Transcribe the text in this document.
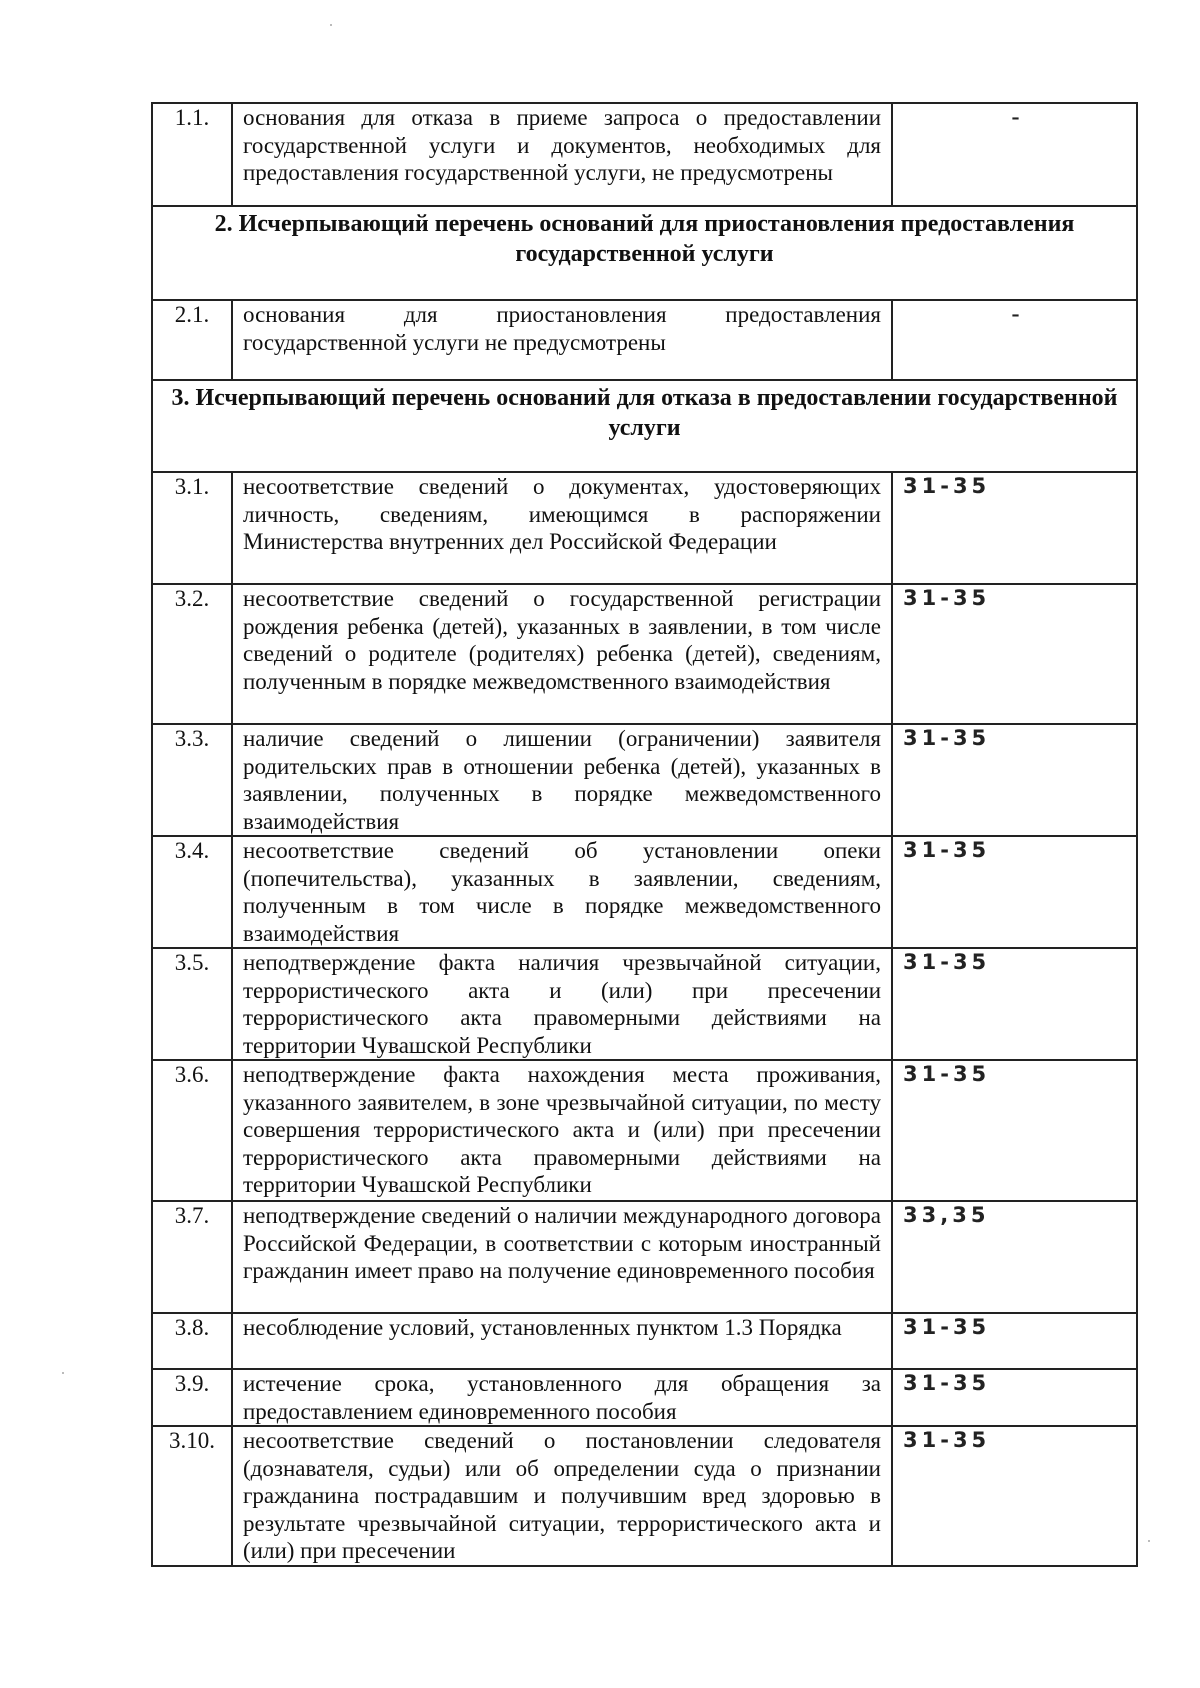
1.1.	основания для отказа в приеме запроса о предоставлении государственной услуги и документов, необходимых для предоставления государственной услуги, не предусмотрены	-
2. Исчерпывающий перечень оснований для приостановления предоставления государственной услуги		
2.1.	основания для приостановления предоставления государственной услуги не предусмотрены	-
3. Исчерпывающий перечень оснований для отказа в предоставлении государственной услуги		
3.1.	несоответствие сведений о документах, удостоверяющих личность, сведениям, имеющимся в распоряжении Министерства внутренних дел Российской Федерации	31-35
3.2.	несоответствие сведений о государственной регистрации рождения ребенка (детей), указанных в заявлении, в том числе сведений о родителе (родителях) ребенка (детей), сведениям, полученным в порядке межведомственного взаимодействия	31-35
3.3.	наличие сведений о лишении (ограничении) заявителя родительских прав в отношении ребенка (детей), указанных в заявлении, полученных в порядке межведомственного взаимодействия	31-35
3.4.	несоответствие сведений об установлении опеки (попечительства), указанных в заявлении, сведениям, полученным в том числе в порядке межведомственного взаимодействия	31-35
3.5.	неподтверждение факта наличия чрезвычайной ситуации, террористического акта и (или) при пресечении террористического акта правомерными действиями на территории Чувашской Республики	31-35
3.6.	неподтверждение факта нахождения места проживания, указанного заявителем, в зоне чрезвычайной ситуации, по месту совершения террористического акта и (или) при пресечении террористического акта правомерными действиями на территории Чувашской Республики	31-35
3.7.	неподтверждение сведений о наличии международного договора Российской Федерации, в соответствии с которым иностранный гражданин имеет право на получение единовременного пособия	33,35
3.8.	несоблюдение условий, установленных пунктом 1.3 Порядка	31-35
3.9.	истечение срока, установленного для обращения за предоставлением единовременного пособия	31-35
3.10.	несоответствие сведений о постановлении следователя (дознавателя, судьи) или об определении суда о признании гражданина пострадавшим и получившим вред здоровью в результате чрезвычайной ситуации, террористического акта и (или) при пресечении	31-35
